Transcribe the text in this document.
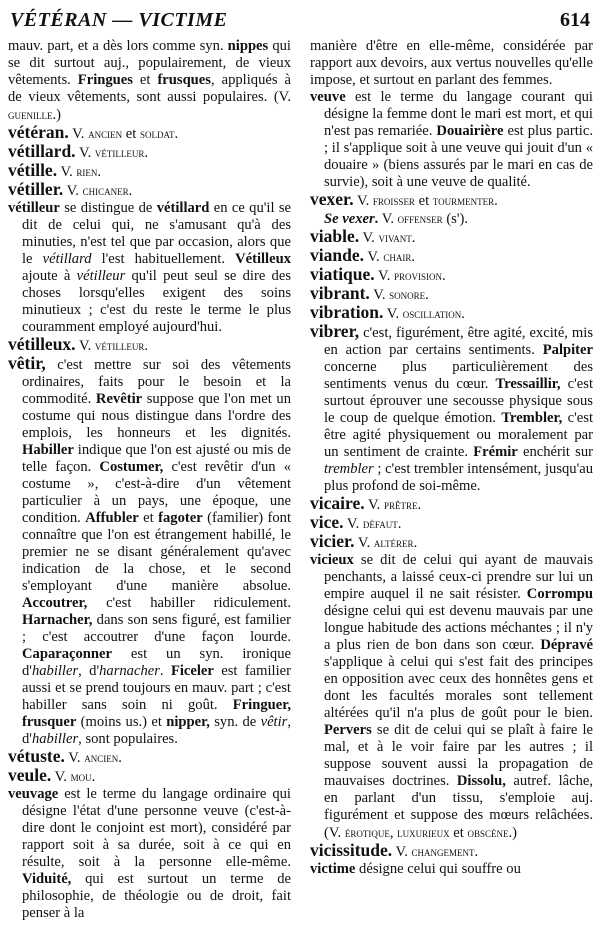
VÉTÉRAN — VICTIME	614

mauv. part, et a dès lors comme syn. nippes qui se dit surtout auj., populairement, de vieux vêtements. Fringues et frusques, appliqués à de vieux vêtements, sont aussi populaires. (V. guenille.)

vétéran. V. ancien et soldat.

vétillard. V. vétilleur.

vétille. V. rien.

vétiller. V. chicaner.

vétilleur se distingue de vétillard en ce qu'il se dit de celui qui, ne s'amusant qu'à des minuties, n'est tel que par occasion, alors que le vétillard l'est habituellement. Vétilleux ajoute à vétilleur qu'il peut seul se dire des choses lorsqu'elles exigent des soins minutieux ; c'est du reste le terme le plus couramment employé aujourd'hui.

vétilleux. V. vétilleur.

vêtir, c'est mettre sur soi des vêtements ordinaires, faits pour le besoin et la commodité. Revêtir suppose que l'on met un costume qui nous distingue dans l'ordre des emplois, les honneurs et les dignités. Habiller indique que l'on est ajusté ou mis de telle façon. Costumer, c'est revêtir d'un « costume », c'est-à-dire d'un vêtement particulier à un pays, une époque, une condition. Affubler et fagoter (familier) font connaître que l'on est étrangement habillé, le premier ne se disant généralement qu'avec indication de la chose, et le second s'employant d'une manière absolue. Accoutrer, c'est habiller ridiculement. Harnacher, dans son sens figuré, est familier ; c'est accoutrer d'une façon lourde. Caparaçonner est un syn. ironique d'habiller, d'harnacher. Ficeler est familier aussi et se prend toujours en mauv. part ; c'est habiller sans soin ni goût. Fringuer, frusquer (moins us.) et nipper, syn. de vêtir, d'habiller, sont populaires.

vétuste. V. ancien.

veule. V. mou.

veuvage est le terme du langage ordinaire qui désigne l'état d'une personne veuve (c'est-à-dire dont le conjoint est mort), considéré par rapport soit à sa durée, soit à ce qui en résulte, soit à la personne elle-même. Viduité, qui est surtout un terme de philosophie, de théologie ou de droit, fait penser à la

manière d'être en elle-même, considérée par rapport aux devoirs, aux vertus nouvelles qu'elle impose, et surtout en parlant des femmes.

veuve est le terme du langage courant qui désigne la femme dont le mari est mort, et qui n'est pas remariée. Douairière est plus partic. ; il s'applique soit à une veuve qui jouit d'un « douaire » (biens assurés par le mari en cas de survie), soit à une veuve de qualité.

vexer. V. froisser et tourmenter.

Se vexer. V. offenser (s').

viable. V. vivant.

viande. V. chair.

viatique. V. provision.

vibrant. V. sonore.

vibration. V. oscillation.

vibrer, c'est, figurément, être agité, excité, mis en action par certains sentiments. Palpiter concerne plus particulièrement des sentiments venus du cœur. Tressaillir, c'est surtout éprouver une secousse physique sous le coup de quelque émotion. Trembler, c'est être agité physiquement ou moralement par un sentiment de crainte. Frémir enchérit sur trembler ; c'est trembler intensément, jusqu'au plus profond de soi-même.

vicaire. V. prêtre.

vice. V. défaut.

vicier. V. altérer.

vicieux se dit de celui qui ayant de mauvais penchants, a laissé ceux-ci prendre sur lui un empire auquel il ne sait résister. Corrompu désigne celui qui est devenu mauvais par une longue habitude des actions méchantes ; il n'y a plus rien de bon dans son cœur. Dépravé s'applique à celui qui s'est fait des principes en opposition avec ceux des honnêtes gens et dont les facultés morales sont tellement altérées qu'il n'a plus de goût pour le bien. Pervers se dit de celui qui se plaît à faire le mal, et à le voir faire par les autres ; il suppose souvent aussi la propagation de mauvaises doctrines. Dissolu, autref. lâche, en parlant d'un tissu, s'emploie auj. figurément et suppose des mœurs relâchées. (V. érotique, luxurieux et obscène.)

vicissitude. V. changement.

victime désigne celui qui souffre ou
